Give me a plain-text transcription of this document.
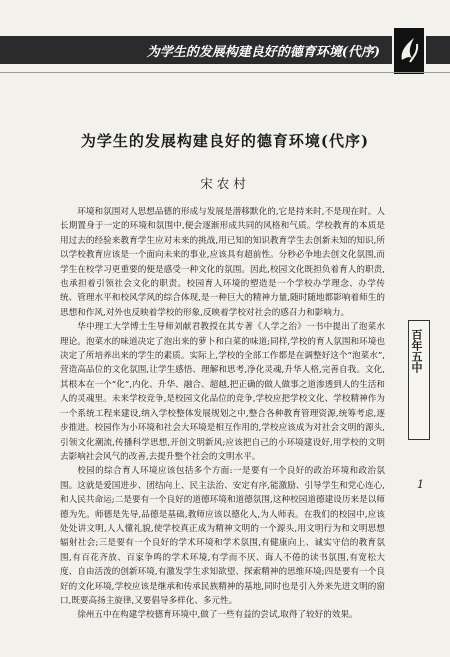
为学生的发展构建良好的德育环境(代序)
为学生的发展构建良好的德育环境(代序)
宋农村

环境和氛围对人思想品德的形成与发展是潜移默化的,它是持来时,不是现在时。人长期置身于一定的环境和氛围中,便会逐渐形成共同的风格和气质。学校教育的本质是用过去的经验来教育学生应对未来的挑战,用已知的知识教育学生去创新未知的知识,所以学校教育应该是一个面向未来的事业,应该具有超前性。分秒必争地去创文化氛围,而学生在校学习更重要的便是感受一种文化的氛围。因此,校园文化既担负着育人的职责,也承担着引领社会文化的职责。校园育人环境的塑造是一个学校办学理念、办学传统、管理水平和校风学风的综合体现,是一种巨大的精神力量,随时随地都影响着师生的思想和作风,对外也反映着学校的形象,反映着学校对社会的感召力和影响力。

华中理工大学博士生导师刘献君教授在其专著《人学之治》一书中提出了泡菜水理论。泡菜水的味道决定了泡出来的萝卜和白菜的味道;同样,学校的育人氛围和环境也决定了所培养出来的学生的素质。实际上,学校的全部工作都是在调整好这个“泡菜水”,营造高品位的文化氛围,让学生感悟、理解和思考,净化灵魂,升华人格,完善自我。文化,其根本在一个“化”,内化、升华、融合、超越,把正确的做人做事之道渗透到人的生活和人的灵魂里。未来学校竞争,是校园文化品位的竞争,学校应把学校文化、学校精神作为一个系统工程来建设,纳入学校整体发展规划之中,整合各种教育管理资源,统筹考虑,逐步推进。校园作为小环境和社会大环境是相互作用的,学校应该成为对社会文明的源头,引领文化潮流,传播科学思想,开创文明新风;应该把自己的小环境建设好,用学校的文明去影响社会风气的改善,去提升整个社会的文明水平。

校园的综合育人环境应该包括多个方面:一是要有一个良好的政治环境和政治氛围。这就是爱国进步、团结向上、民主法治、安定有序,能激励、引导学生和党心连心,和人民共命运;二是要有一个良好的道德环境和道德氛围,这种校园道德建设历来是以师德为先。师德是先导,品德是基础,教师应该以德化人,为人师表。在我们的校园中,应该处处讲文明,人人懂礼貌,使学校真正成为精神文明的一个源头,用文明行为和文明思想辐射社会;三是要有一个良好的学术环境和学术氛围,有健康向上、诚实守信的教育氛围,有百花齐放、百家争鸣的学术环境,有学而不厌、诲人不倦的读书氛围,有宽松大度、自由活泼的创新环境,有激发学生求知欲望、探索精神的思维环境;四是要有一个良好的文化环境,学校应该是继承和传承民族精神的基地,同时也是引入外来先进文明的窗口,既要高扬主旋律,又要倡导多样化、多元性。

徐州五中在构建学校德育环境中,做了一些有益的尝试,取得了较好的效果。

百年五中
1
